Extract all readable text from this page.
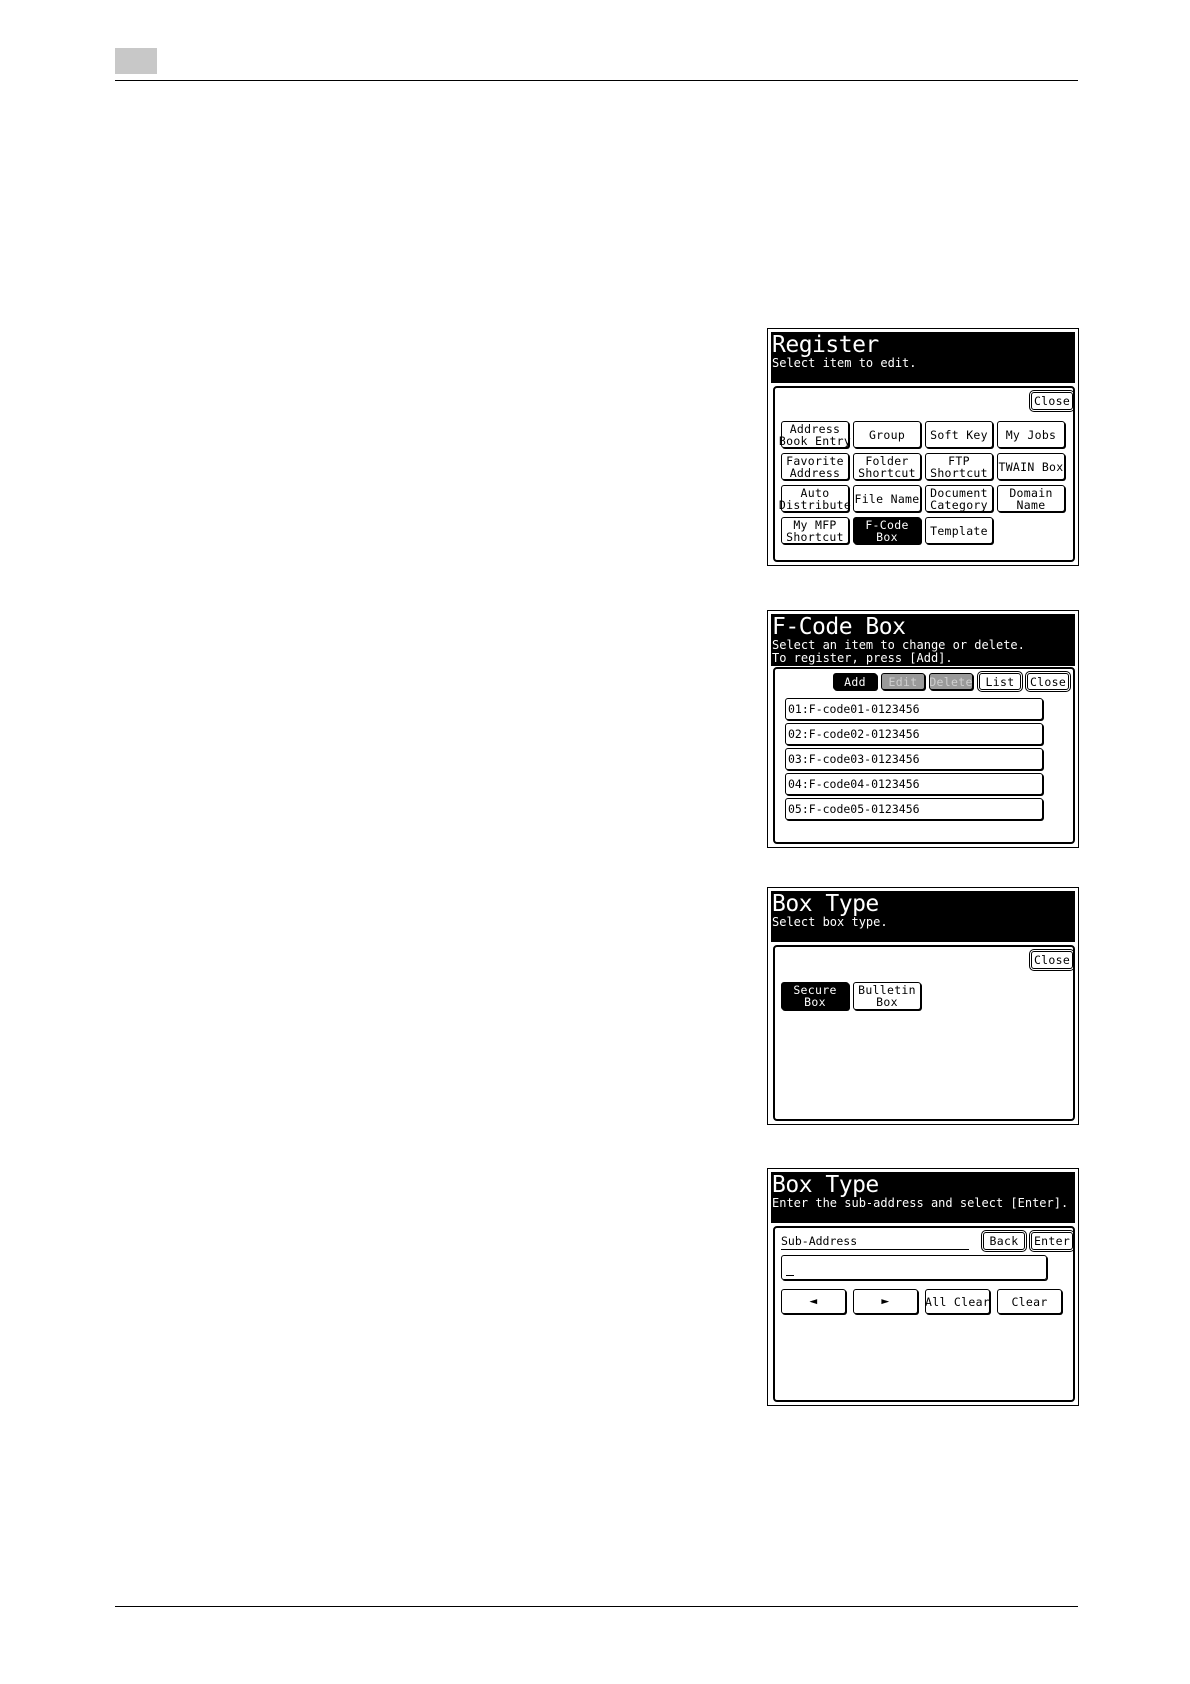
Register
Select item to edit.
Close
Address
Book Entry	Group	Soft Key	My Jobs
Favorite
Address
Folder
Shortcut
FTP
Shortcut TWAIN Box
Auto
Distribute File Name Document
Category
Domain
Name
My MFP
Shortcut
F-Code
Box	Template
F-Code Box
Select an item to change or delete.
To register, press [Add].
Add	Edit	Delete	List	Close
01:F-code01-0123456
02:F-code02-0123456
03:F-code03-0123456
04:F-code04-0123456
05:F-code05-0123456
Box Type
Select box type.
Close
Secure
Box
Bulletin
Box
Box Type
Enter the sub-address and select [Enter].
Sub-Address	Back	Enter
◄	►	All Clear	Clear
